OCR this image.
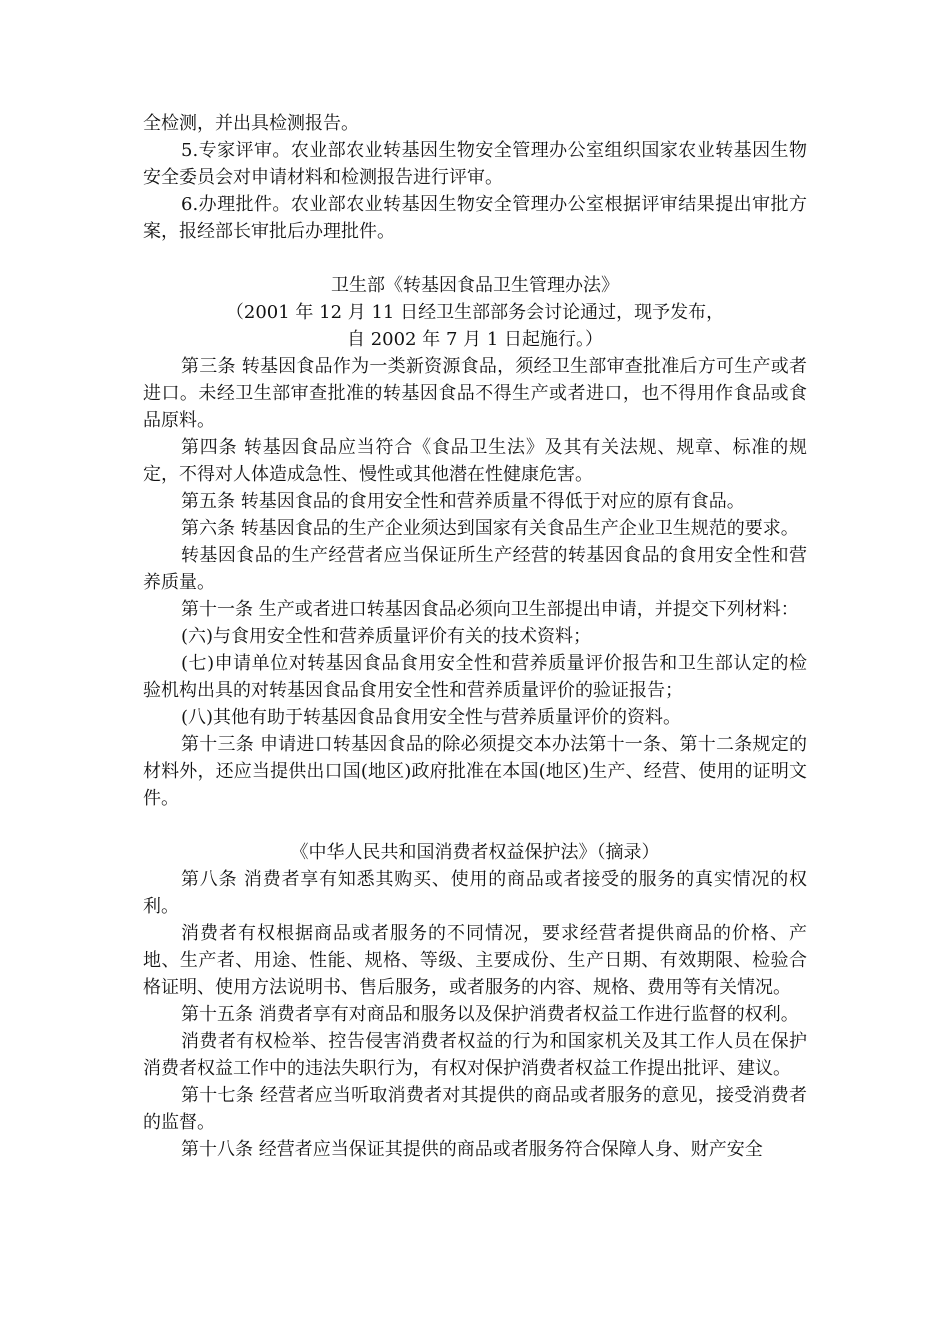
全检测，并出具检测报告。

5.专家评审。农业部农业转基因生物安全管理办公室组织国家农业转基因生物安全委员会对申请材料和检测报告进行评审。

6.办理批件。农业部农业转基因生物安全管理办公室根据评审结果提出审批方案，报经部长审批后办理批件。

卫生部《转基因食品卫生管理办法》

（2001 年 12 月 11 日经卫生部部务会讨论通过，现予发布，

自 2002 年 7 月 1 日起施行。）

第三条 转基因食品作为一类新资源食品，须经卫生部审查批准后方可生产或者进口。未经卫生部审查批准的转基因食品不得生产或者进口，也不得用作食品或食品原料。

第四条 转基因食品应当符合《食品卫生法》及其有关法规、规章、标准的规定，不得对人体造成急性、慢性或其他潜在性健康危害。

第五条 转基因食品的食用安全性和营养质量不得低于对应的原有食品。

第六条 转基因食品的生产企业须达到国家有关食品生产企业卫生规范的要求。

转基因食品的生产经营者应当保证所生产经营的转基因食品的食用安全性和营养质量。

第十一条 生产或者进口转基因食品必须向卫生部提出申请，并提交下列材料：

(六)与食用安全性和营养质量评价有关的技术资料；

(七)申请单位对转基因食品食用安全性和营养质量评价报告和卫生部认定的检验机构出具的对转基因食品食用安全性和营养质量评价的验证报告；

(八)其他有助于转基因食品食用安全性与营养质量评价的资料。

第十三条 申请进口转基因食品的除必须提交本办法第十一条、第十二条规定的材料外，还应当提供出口国(地区)政府批准在本国(地区)生产、经营、使用的证明文件。

《中华人民共和国消费者权益保护法》（摘录）

第八条 消费者享有知悉其购买、使用的商品或者接受的服务的真实情况的权利。

消费者有权根据商品或者服务的不同情况，要求经营者提供商品的价格、产地、生产者、用途、性能、规格、等级、主要成份、生产日期、有效期限、检验合格证明、使用方法说明书、售后服务，或者服务的内容、规格、费用等有关情况。

第十五条 消费者享有对商品和服务以及保护消费者权益工作进行监督的权利。

消费者有权检举、控告侵害消费者权益的行为和国家机关及其工作人员在保护消费者权益工作中的违法失职行为，有权对保护消费者权益工作提出批评、建议。

第十七条 经营者应当听取消费者对其提供的商品或者服务的意见，接受消费者的监督。

第十八条 经营者应当保证其提供的商品或者服务符合保障人身、财产安全
